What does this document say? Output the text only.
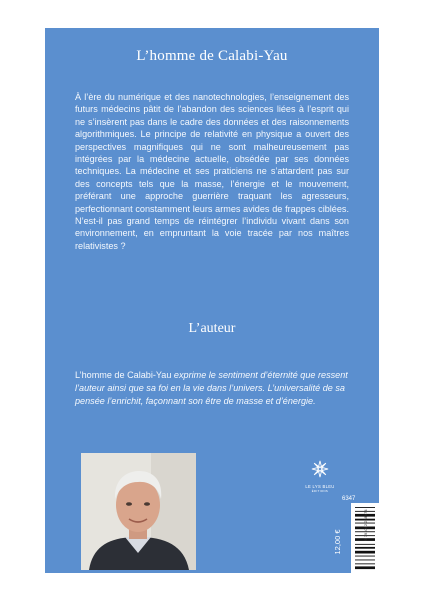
L’homme de Calabi-Yau
À l’ère du numérique et des nanotechnologies, l’enseignement des futurs médecins pâtit de l’abandon des sciences liées à l’esprit qui ne s’insèrent pas dans le cadre des données et des raisonnements algorithmiques. Le principe de relativité en physique a ouvert des perspectives magnifiques qui ne sont malheureusement pas intégrées par la médecine actuelle, obsédée par ses données techniques. La médecine et ses praticiens ne s’attardent pas sur des concepts tels que la masse, l’énergie et le mouvement, préférant une approche guerrière traquant les agresseurs, perfectionnant constamment leurs armes avides de frappes ciblées. N’est-il pas grand temps de réintégrer l’individu vivant dans son environnement, en empruntant la voie tracée par nos maîtres relativistes ?
L’auteur
L’homme de Calabi-Yau exprime le sentiment d’éternité que ressent l’auteur ainsi que sa foi en la vie dans l’univers. L’universalité de sa pensée l’enrichit, façonnant son être de masse et d’énergie.
LE LYS BLEU
ÉDITIONS
6347
12,00 €
9 791042 288974
